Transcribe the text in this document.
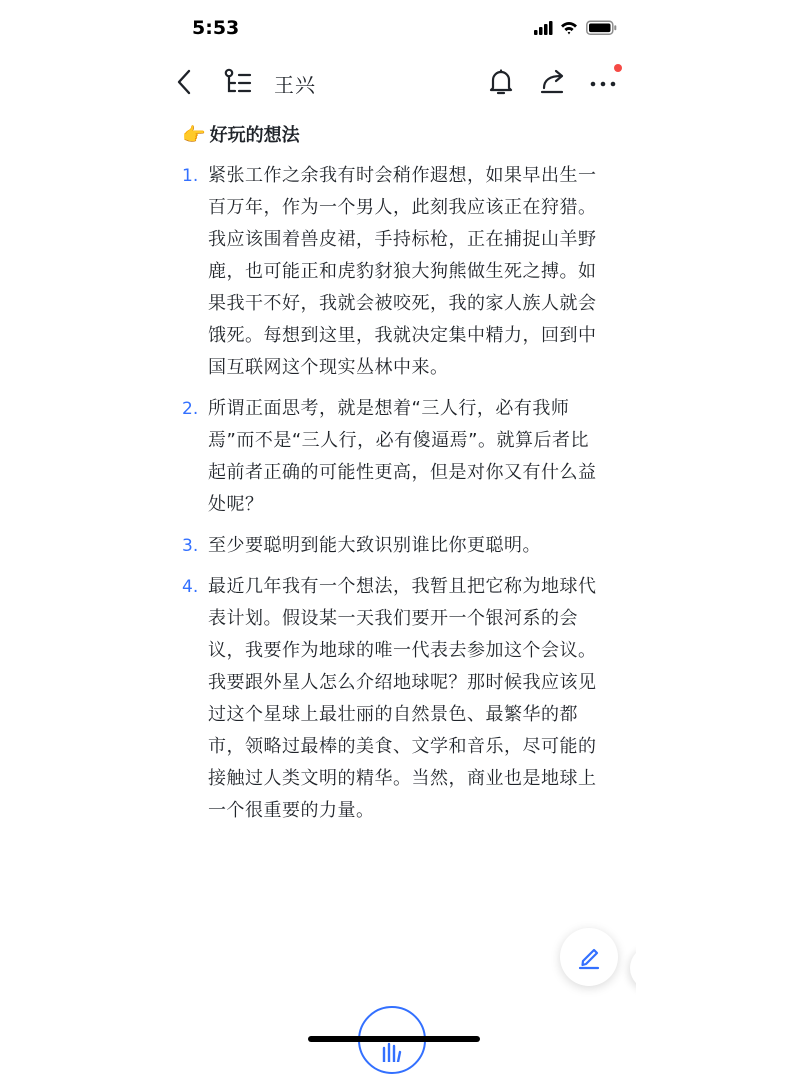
5:53
王兴
👉 好玩的想法
1. 紧张工作之余我有时会稍作遐想，如果早出生一百万年，作为一个男人，此刻我应该正在狩猎。我应该围着兽皮裙，手持标枪，正在捕捉山羊野鹿，也可能正和虎豹豺狼大狗熊做生死之搏。如果我干不好，我就会被咬死，我的家人族人就会饿死。每想到这里，我就决定集中精力，回到中国互联网这个现实丛林中来。
2. 所谓正面思考，就是想着“三人行，必有我师焉”而不是“三人行，必有傻逼焉”。就算后者比起前者正确的可能性更高，但是对你又有什么益处呢？
3. 至少要聪明到能大致识别谁比你更聪明。
4. 最近几年我有一个想法，我暂且把它称为地球代表计划。假设某一天我们要开一个银河系的会议，我要作为地球的唯一代表去参加这个会议。我要跟外星人怎么介绍地球呢？那时候我应该见过这个星球上最壮丽的自然景色、最繁华的都市，领略过最棒的美食、文学和音乐，尽可能的接触过人类文明的精华。当然，商业也是地球上一个很重要的力量。
